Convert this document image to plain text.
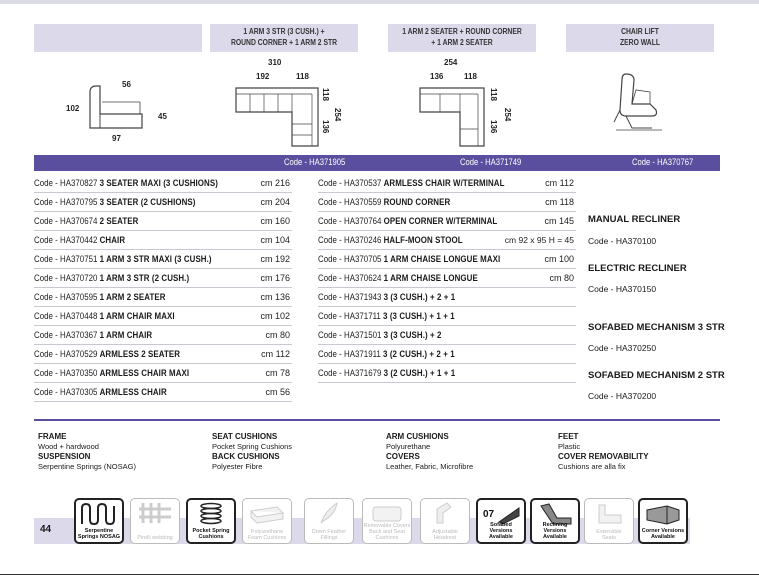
1 ARM 3 STR (3 CUSH.) +
ROUND CORNER + 1 ARM 2 STR
1 ARM 2 SEATER + ROUND CORNER
+ 1 ARM 2 SEATER
CHAIR LIFT
ZERO WALL
56
102
45
97
310
192	118
118
136
254
254
136	118
118
136
254
Code - HA371905	Code - HA371749	Code - HA370767
Code - HA370827 3 SEATER MAXI (3 CUSHIONS)	cm 216
Code - HA370795 3 SEATER (2 CUSHIONS)	cm 204
Code - HA370674 2 SEATER	cm 160
Code - HA370442 CHAIR	cm 104
Code - HA370751 1 ARM 3 STR MAXI (3 CUSH.)	cm 192
Code - HA370720 1 ARM 3 STR (2 CUSH.)	cm 176
Code - HA370595 1 ARM 2 SEATER	cm 136
Code - HA370448 1 ARM CHAIR MAXI	cm 102
Code - HA370367 1 ARM CHAIR	cm 80
Code - HA370529 ARMLESS 2 SEATER	cm 112
Code - HA370350 ARMLESS CHAIR MAXI	cm 78
Code - HA370305 ARMLESS CHAIR	cm 56
Code - HA370537 ARMLESS CHAIR W/TERMINAL	cm 112
Code - HA370559 ROUND CORNER	cm 118
Code - HA370764 OPEN CORNER W/TERMINAL	cm 145
Code - HA370246 HALF-MOON STOOL	cm 92 x 95 H = 45
Code - HA370705 1 ARM CHAISE LONGUE MAXI	cm 100
Code - HA370624 1 ARM CHAISE LONGUE	cm 80
Code - HA371943 3 (3 CUSH.) + 2 + 1
Code - HA371711 3 (3 CUSH.) + 1 + 1
Code - HA371501 3 (3 CUSH.) + 2
Code - HA371911 3 (2 CUSH.) + 2 + 1
Code - HA371679 3 (2 CUSH.) + 1 + 1
MANUAL RECLINER
Code - HA370100
ELECTRIC RECLINER
Code - HA370150
SOFABED MECHANISM 3 STR
Code - HA370250
SOFABED MECHANISM 2 STR
Code - HA370200
FRAME
Wood + hardwood
SUSPENSION
Serpentine Springs (NOSAG)
SEAT CUSHIONS
Pocket Spring Cushions
BACK CUSHIONS
Polyester Fibre
ARM CUSHIONS
Polyurethane
COVERS
Leather, Fabric, Microfibre
FEET
Plastic
COVER REMOVABILITY
Cushions are alla fix
44	Serpentine
Springs NOSAG	Pirelli webbing
Pocket Spring
Cushions
Polyurethane
Foam Cushions
Down Feather
Fillings
Removable Covers
Back and Seat Cushions
Adjustable
Headrest
07
Sofabed Versions
Available
Reclining Versions
Available
Extensible
Seats
Corner Versions
Available
